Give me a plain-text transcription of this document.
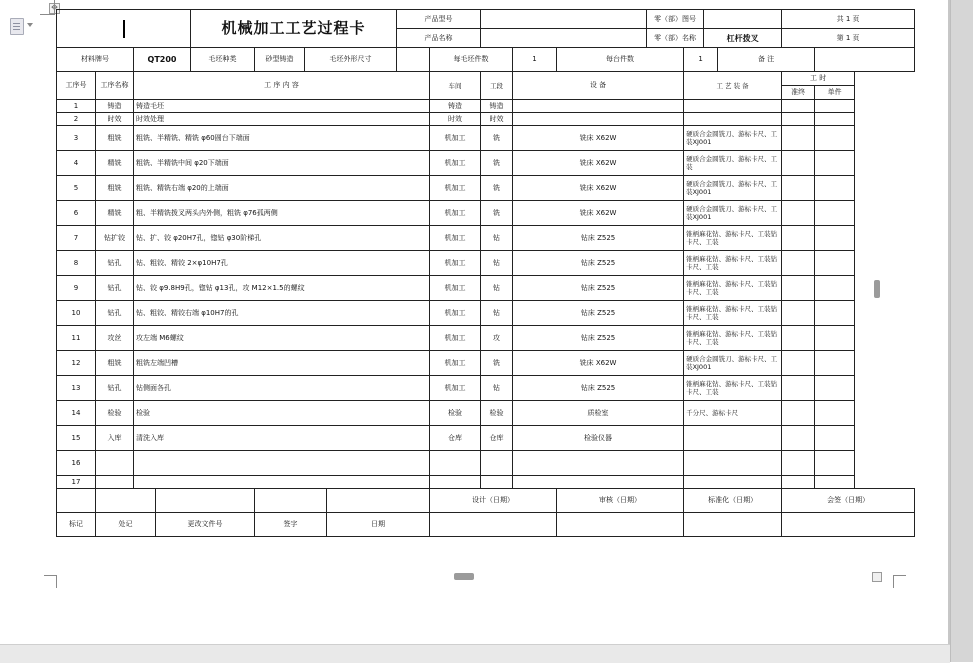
✥
				机械加工工艺过程卡				产品型号					零（部）图号				共 1 页	
								产品名称					零（部）名称		杠杆拨叉		第 1 页	
材料牌号		QT200		毛坯种类	砂型铸造	毛坯外形尺寸			每毛坯件数		1	每台件数		1		备 注		
工序号	工序名称	工 序 内 容							车间	工段	设 备			工 艺 装 备			工 时	
																	准终	单件
1	铸造	铸造毛坯							铸造	铸造								
2	时效	时效处理							时效	时效								
3	粗铣	粗铣、半精铣、精铣 φ60圆台下端面							机加工	铣	铣床 X62W			硬质合金圆铣刀、游标卡尺、工装XJ001				
4	精铣	粗铣、半精铣中间 φ20下端面							机加工	铣	铣床 X62W			硬质合金圆铣刀、游标卡尺、工装				
5	粗铣	粗铣、精铣右端 φ20的上端面							机加工	铣	铣床 X62W			硬质合金圆铣刀、游标卡尺、工装XJ001				
6	精铣	粗、半精铣拨叉两头内外侧，粗铣 φ76孤两侧							机加工	铣	铣床 X62W			硬质合金圆铣刀、游标卡尺、工装XJ001				
7	钻扩铰	钻、扩、铰 φ20H7孔，锪钻 φ30阶梯孔							机加工	钻	钻床 Z525			锥柄麻花钻、游标卡尺、工装钻卡尺、工装				
8	钻孔	钻、粗铰、精铰 2×φ10H7孔							机加工	钻	钻床 Z525			锥柄麻花钻、游标卡尺、工装钻卡尺、工装				
9	钻孔	钻、铰 φ9.8H9孔，锪钻 φ13孔，攻 M12×1.5的螺纹							机加工	钻	钻床 Z525			锥柄麻花钻、游标卡尺、工装钻卡尺、工装				
10	钻孔	钻、粗铰、精铰右端 φ10H7的孔							机加工	钻	钻床 Z525			锥柄麻花钻、游标卡尺、工装钻卡尺、工装				
11	攻丝	攻左端 M6螺纹							机加工	攻	钻床 Z525			锥柄麻花钻、游标卡尺、工装钻卡尺、工装				
12	粗铣	粗铣左端凹槽							机加工	铣	铣床 X62W			硬质合金圆铣刀、游标卡尺、工装XJ001				
13	钻孔	钻侧面各孔							机加工	钻	钻床 Z525			锥柄麻花钻、游标卡尺、工装钻卡尺、工装				
14	检验	检验							检验	检验	质检室			千分尺、游标卡尺				
15	入库	清洗入库							仓库	仓库	检验仪器							
16																		
17																		
									设计（日期）			审核（日期）		标准化（日期）			会签（日期）	
标记	处记		更改文件号		签字		日期											
